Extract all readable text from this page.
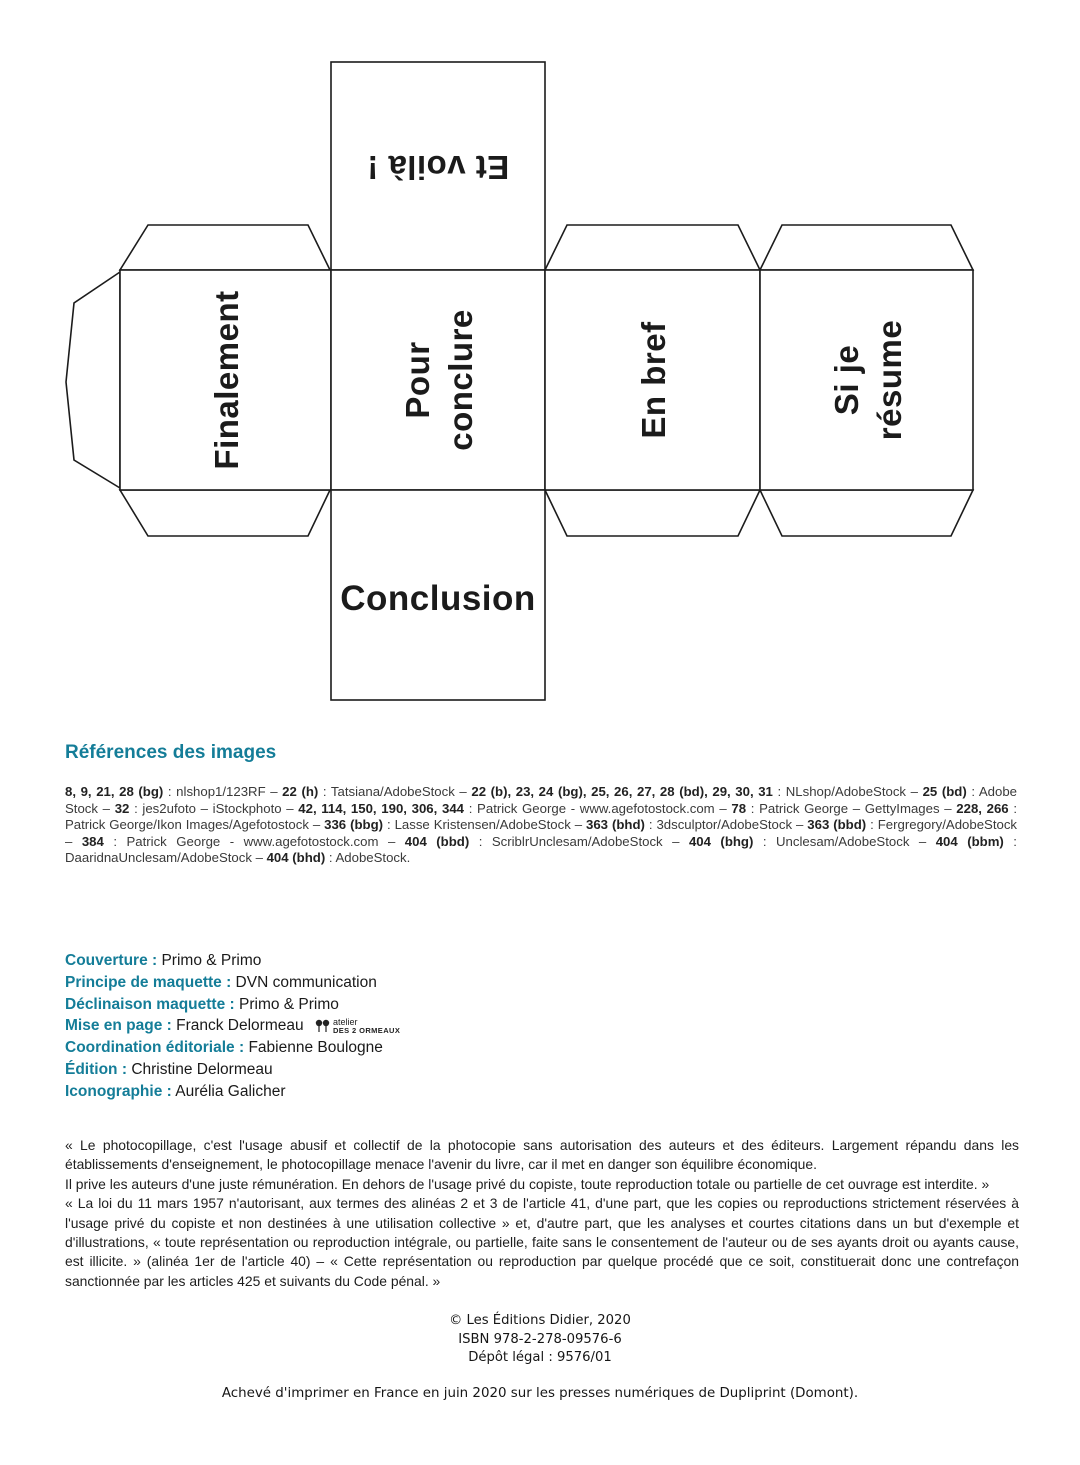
Et voilà !
Finalement	Pour conclure	En bref	Si je résume
Conclusion
Références des images

8, 9, 21, 28 (bg) : nlshop1/123RF – 22 (h) : Tatsiana/AdobeStock – 22 (b), 23, 24 (bg), 25, 26, 27, 28 (bd), 29, 30, 31 : NLshop/AdobeStock – 25 (bd) : Adobe Stock – 32 : jes2ufoto – iStockphoto – 42, 114, 150, 190, 306, 344 : Patrick George - www.agefotostock.com – 78 : Patrick George – GettyImages – 228, 266 : Patrick George/Ikon Images/Agefotostock – 336 (bbg) : Lasse Kristensen/AdobeStock – 363 (bhd) : 3dsculptor/AdobeStock – 363 (bbd) : Fergregory/AdobeStock – 384 : Patrick George - www.agefotostock.com – 404 (bbd) : ScriblrUnclesam/AdobeStock – 404 (bhg) : Unclesam/AdobeStock – 404 (bbm) : DaaridnaUnclesam/AdobeStock – 404 (bhd) : AdobeStock.

Couverture : Primo & Primo
Principe de maquette : DVN communication
Déclinaison maquette : Primo & Primo
Mise en page : Franck Delormeau	atelier
DES 2 ORMEAUX
Coordination éditoriale : Fabienne Boulogne
Édition : Christine Delormeau
Iconographie : Aurélia Galicher

« Le photocopillage, c'est l'usage abusif et collectif de la photocopie sans autorisation des auteurs et des éditeurs. Largement répandu dans les établissements d'enseignement, le photocopillage menace l'avenir du livre, car il met en danger son équilibre économique.

Il prive les auteurs d'une juste rémunération. En dehors de l'usage privé du copiste, toute reproduction totale ou partielle de cet ouvrage est interdite. »

« La loi du 11 mars 1957 n'autorisant, aux termes des alinéas 2 et 3 de l'article 41, d'une part, que les copies ou reproductions strictement réservées à l'usage privé du copiste et non destinées à une utilisation collective » et, d'autre part, que les analyses et courtes citations dans un but d'exemple et d'illustrations, « toute représentation ou reproduction intégrale, ou partielle, faite sans le consentement de l'auteur ou de ses ayants droit ou ayants cause, est illicite. » (alinéa 1er de l'article 40) – « Cette représentation ou reproduction par quelque procédé que ce soit, constituerait donc une contrefaçon sanctionnée par les articles 425 et suivants du Code pénal. »

© Les Éditions Didier, 2020
ISBN 978-2-278-09576-6
Dépôt légal : 9576/01
Achevé d'imprimer en France en juin 2020 sur les presses numériques de Dupliprint (Domont).
